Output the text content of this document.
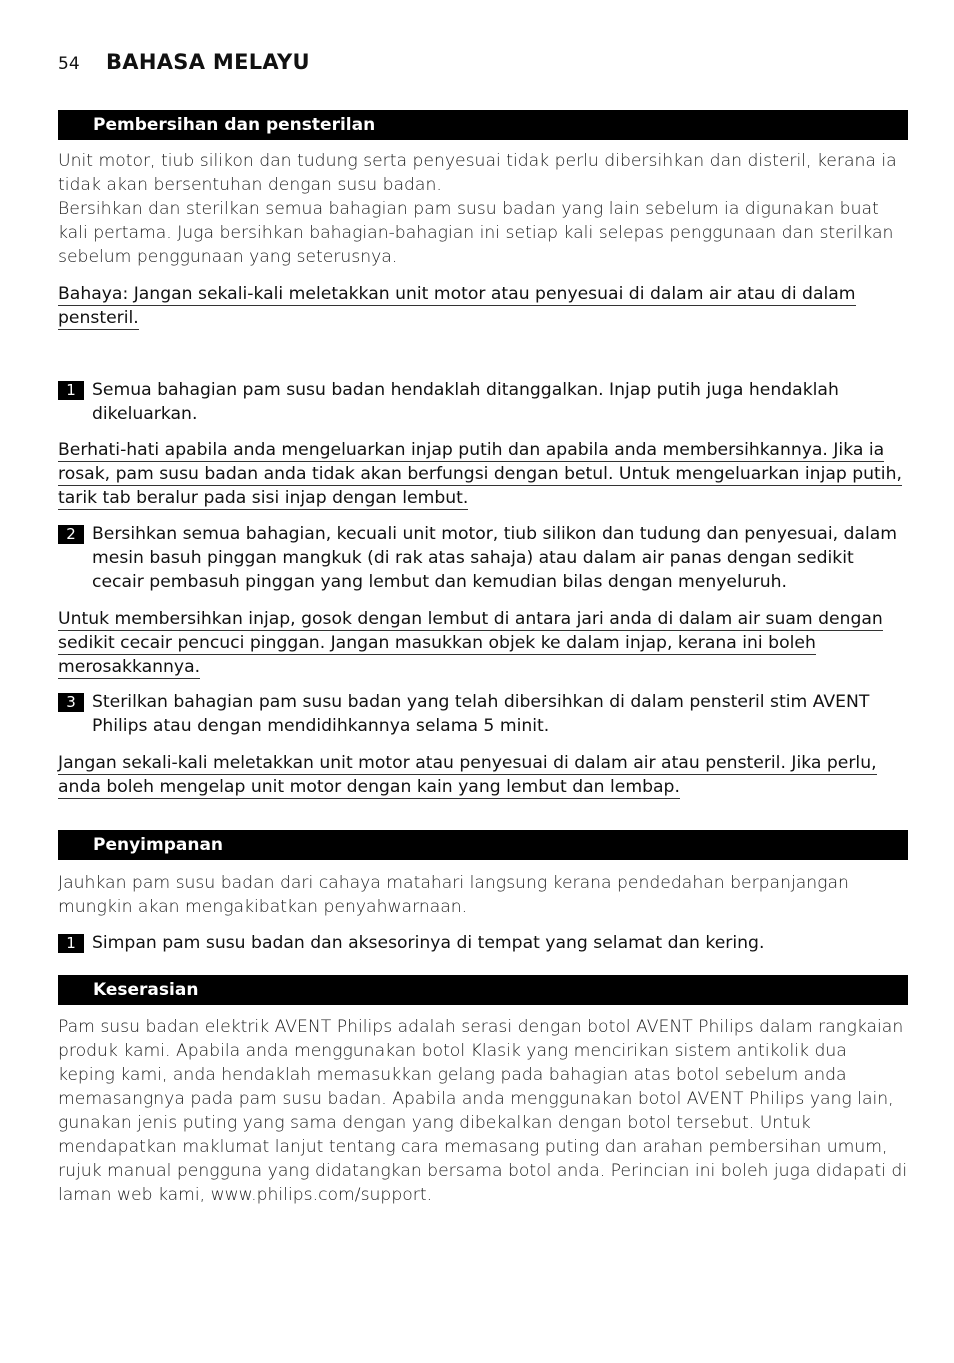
54 BAHASA MELAYU
Pembersihan dan pensterilan

Unit motor, tiub silikon dan tudung serta penyesuai tidak perlu dibersihkan dan disteril, kerana ia tidak akan bersentuhan dengan susu badan.

Bersihkan dan sterilkan semua bahagian pam susu badan yang lain sebelum ia digunakan buat kali pertama. Juga bersihkan bahagian-bahagian ini setiap kali selepas penggunaan dan sterilkan sebelum penggunaan yang seterusnya.

Bahaya: Jangan sekali-kali meletakkan unit motor atau penyesuai di dalam air atau di dalam
pensteril.
1 Semua bahagian pam susu badan hendaklah ditanggalkan. Injap putih juga hendaklah dikeluarkan.

Berhati-hati apabila anda mengeluarkan injap putih dan apabila anda membersihkannya. Jika ia
rosak, pam susu badan anda tidak akan berfungsi dengan betul. Untuk mengeluarkan injap putih,
tarik tab beralur pada sisi injap dengan lembut.
2 Bersihkan semua bahagian, kecuali unit motor, tiub silikon dan tudung dan penyesuai, dalam mesin basuh pinggan mangkuk (di rak atas sahaja) atau dalam air panas dengan sedikit cecair pembasuh pinggan yang lembut dan kemudian bilas dengan menyeluruh.

Untuk membersihkan injap, gosok dengan lembut di antara jari anda di dalam air suam dengan
sedikit cecair pencuci pinggan. Jangan masukkan objek ke dalam injap, kerana ini boleh
merosakkannya.
3 Sterilkan bahagian pam susu badan yang telah dibersihkan di dalam pensteril stim AVENT Philips atau dengan mendidihkannya selama 5 minit.

Jangan sekali-kali meletakkan unit motor atau penyesuai di dalam air atau pensteril. Jika perlu,
anda boleh mengelap unit motor dengan kain yang lembut dan lembap.
Penyimpanan

Jauhkan pam susu badan dari cahaya matahari langsung kerana pendedahan berpanjangan mungkin akan mengakibatkan penyahwarnaan.

1 Simpan pam susu badan dan aksesorinya di tempat yang selamat dan kering.

Keserasian

Pam susu badan elektrik AVENT Philips adalah serasi dengan botol AVENT Philips dalam rangkaian produk kami. Apabila anda menggunakan botol Klasik yang mencirikan sistem antikolik dua keping kami, anda hendaklah memasukkan gelang pada bahagian atas botol sebelum anda memasangnya pada pam susu badan. Apabila anda menggunakan botol AVENT Philips yang lain, gunakan jenis puting yang sama dengan yang dibekalkan dengan botol tersebut. Untuk mendapatkan maklumat lanjut tentang cara memasang puting dan arahan pembersihan umum, rujuk manual pengguna yang didatangkan bersama botol anda. Perincian ini boleh juga didapati di laman web kami, www.philips.com/support.
